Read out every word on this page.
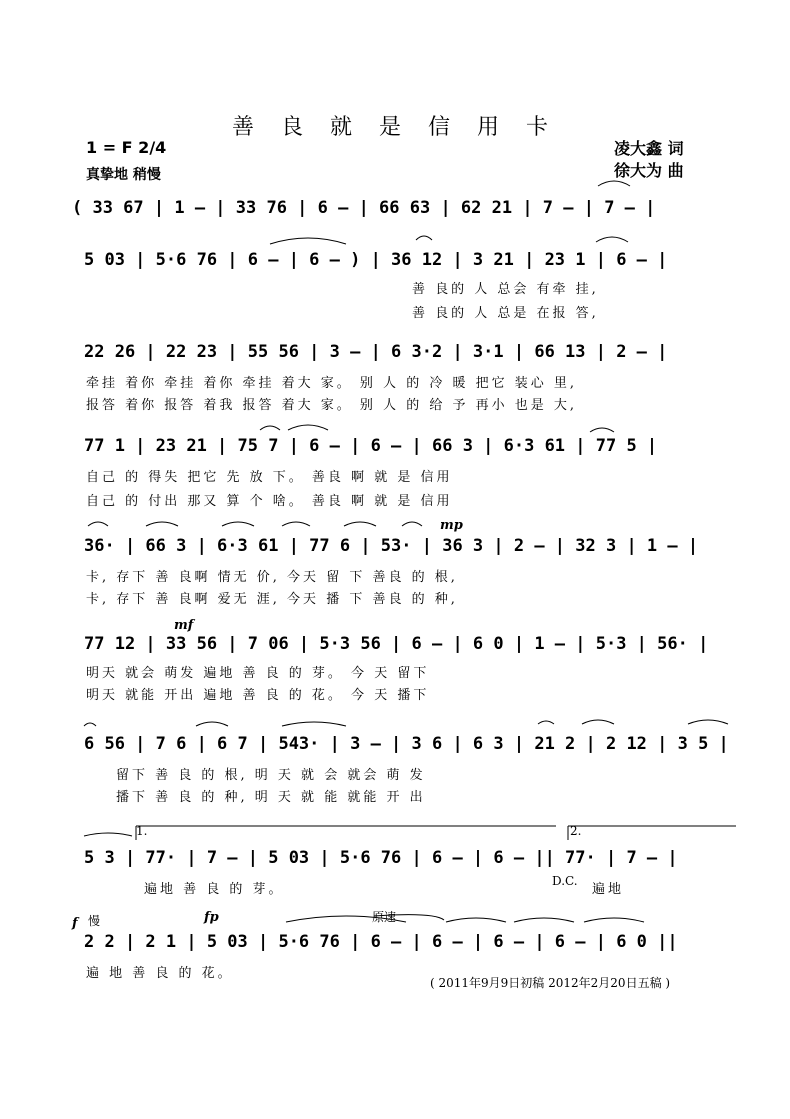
善 良 就 是 信 用 卡
1 = F 2/4
真挚地 稍慢
凌大鑫 词
徐大为 曲
( 33 67 | 1 – | 33 76 | 6 – | 66 63 | 62 21 | 7 – | 7 – |
5 03 | 5·6 76 | 6 – | 6 – ) | 36 12 | 3 21 | 23 1 | 6 – |
善 良的 人 总会 有牵 挂,
善 良的 人 总是 在报 答,
22 26 | 22 23 | 55 56 | 3 – | 6 3·2 | 3·1 | 66 13 | 2 – |
牵挂 着你 牵挂 着你 牵挂 着大 家。 别 人 的 冷 暖 把它 装心 里,
报答 着你 报答 着我 报答 着大 家。 别 人 的 给 予 再小 也是 大,
77 1 | 23 21 | 75 7 | 6 – | 6 – | 66 3 | 6·3 61 | 77 5 |
自己 的 得失 把它 先 放 下。 善良 啊 就 是 信用
自己 的 付出 那又 算 个 啥。 善良 啊 就 是 信用
mp
36· | 66 3 | 6·3 61 | 77 6 | 53· | 36 3 | 2 – | 32 3 | 1 – |
卡, 存下 善 良啊 情无 价, 今天 留 下 善良 的 根,
卡, 存下 善 良啊 爱无 涯, 今天 播 下 善良 的 种,
mf
77 12 | 33 56 | 7 06 | 5·3 56 | 6 – | 6 0 | 1 – | 5·3 | 56· |
明天 就会 萌发 遍地 善 良 的 芽。 今 天 留下
明天 就能 开出 遍地 善 良 的 花。 今 天 播下
6 56 | 7 6 | 6 7 | 543· | 3 – | 3 6 | 6 3 | 21 2 | 2 12 | 3 5 |
留下 善 良 的 根, 明 天 就 会 就会 萌 发
播下 善 良 的 种, 明 天 就 能 就能 开 出
1.	2.
5 3 | 77· | 7 – | 5 03 | 5·6 76 | 6 – | 6 – || 77· | 7 – |
遍地 善 良 的 芽。
D.C.
遍地
f 慢	fp	原速
2 2 | 2 1 | 5 03 | 5·6 76 | 6 – | 6 – | 6 – | 6 – | 6 0 ||
遍 地 善 良 的 花。
( 2011年9月9日初稿 2012年2月20日五稿 )
